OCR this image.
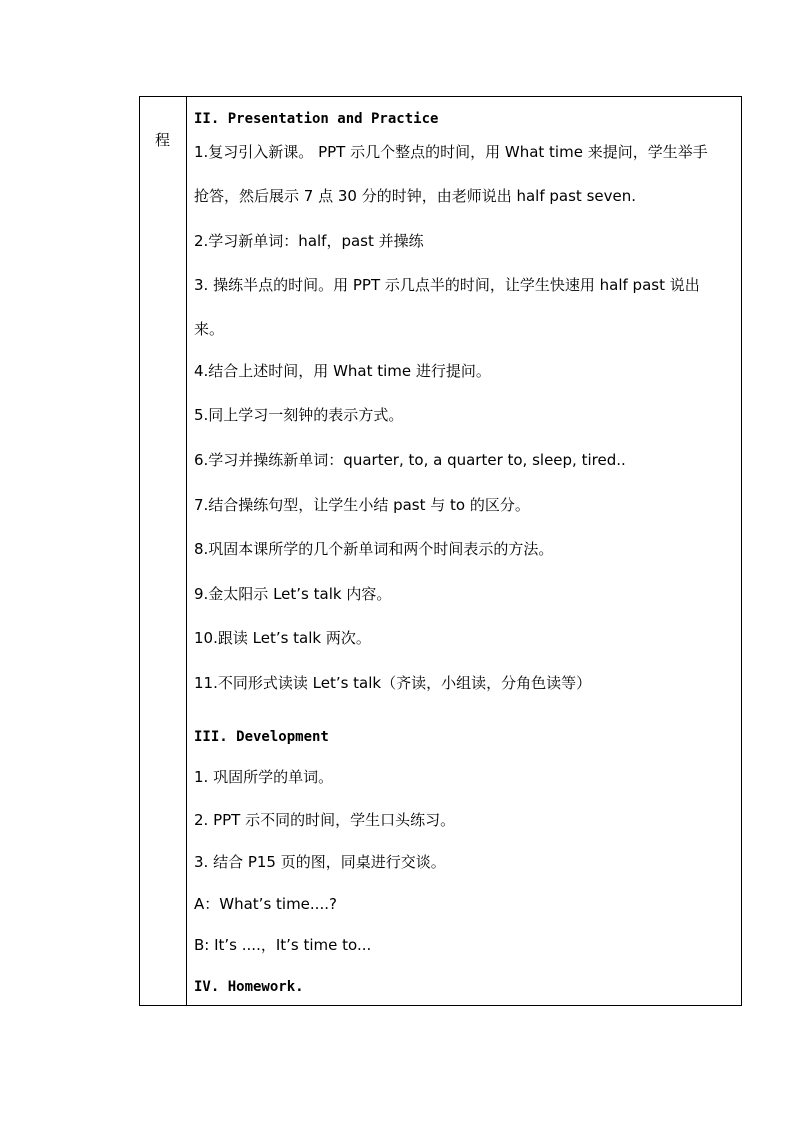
程
II. Presentation and Practice
1.复习引入新课。 PPT 示几个整点的时间，用 What time 来提问，学生举手
抢答，然后展示 7 点 30 分的时钟，由老师说出 half past seven.
2.学习新单词：half，past 并操练
3. 操练半点的时间。用 PPT 示几点半的时间，让学生快速用 half past 说出
来。
4.结合上述时间，用 What time 进行提问。
5.同上学习一刻钟的表示方式。
6.学习并操练新单词：quarter, to, a quarter to, sleep, tired..
7.结合操练句型，让学生小结 past 与 to 的区分。
8.巩固本课所学的几个新单词和两个时间表示的方法。
9.金太阳示 Let’s talk 内容。
10.跟读 Let’s talk 两次。
11.不同形式读读 Let’s talk（齐读，小组读，分角色读等）
III. Development
1. 巩固所学的单词。
2. PPT 示不同的时间，学生口头练习。
3. 结合 P15 页的图，同桌进行交谈。
A：What’s time....?
B: It’s ....，It’s time to...
IV. Homework.
